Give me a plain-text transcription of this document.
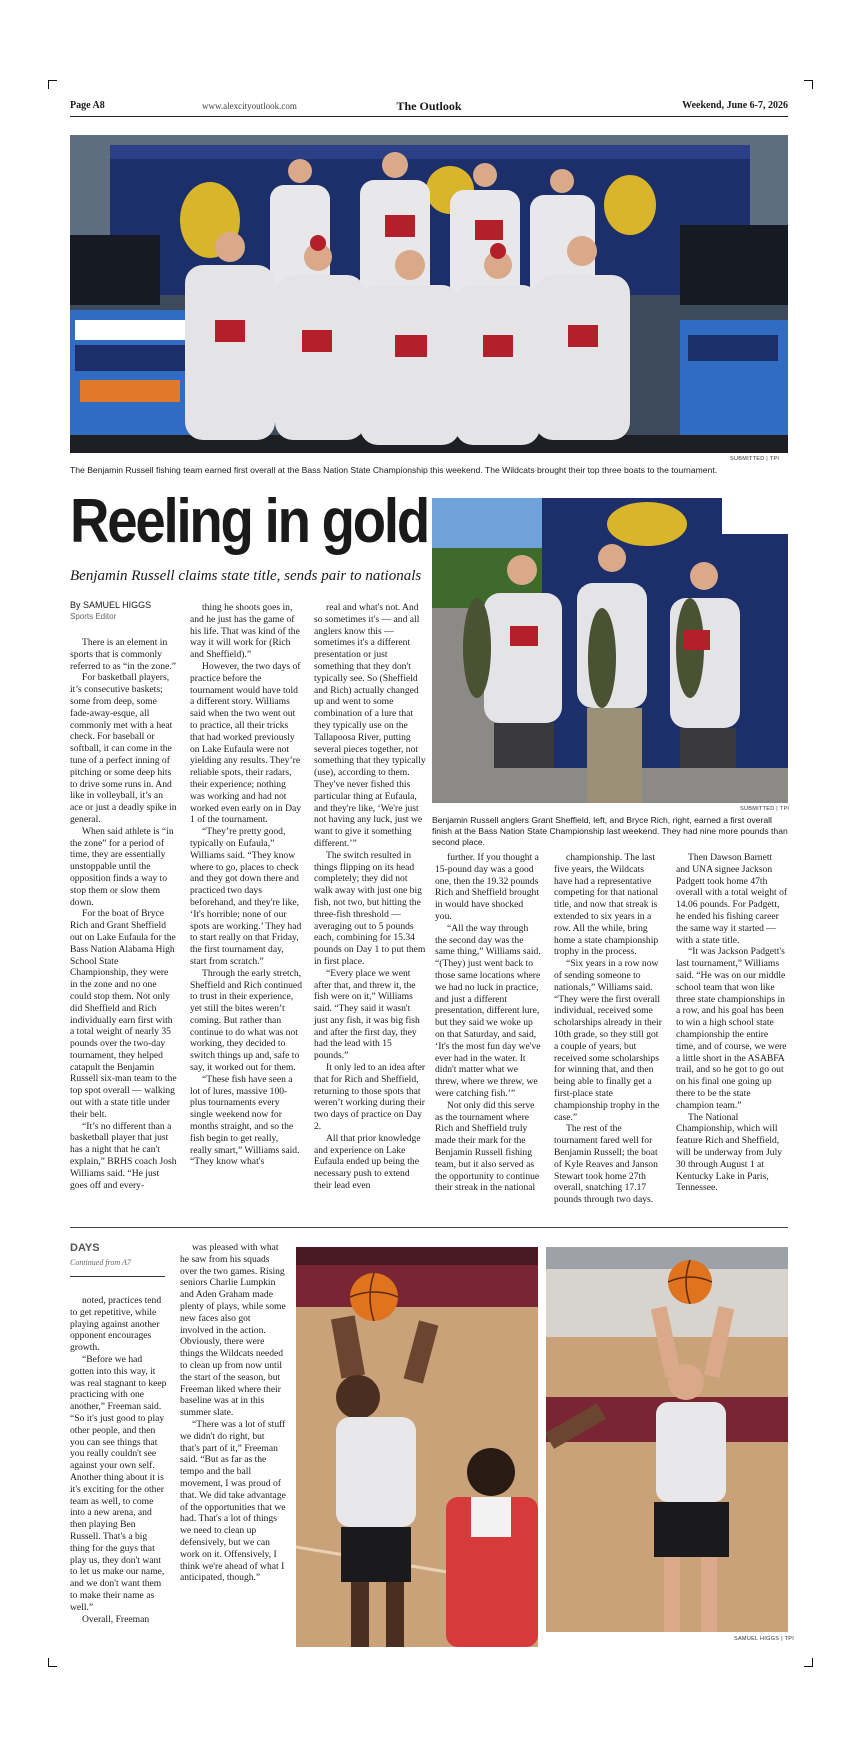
Page A8	www.alexcityoutlook.com	The Outlook	Weekend, June 6-7, 2026
SUBMITTED | TPI
The Benjamin Russell fishing team earned first overall at the Bass Nation State Championship this weekend. The Wildcats brought their top three boats to the tournament.
Reeling in gold
Benjamin Russell claims state title, sends pair to nationals
By SAMUEL HIGGS
Sports Editor
SUBMITTED | TPI
Benjamin Russell anglers Grant Sheffield, left, and Bryce Rich, right, earned a first overall finish at the Bass Nation State Championship last weekend. They had nine more pounds than second place.

There is an element in sports that is commonly referred to as “in the zone.”

For basketball players, it’s consecutive baskets; some from deep, some fade-away-esque, all commonly met with a heat check. For baseball or softball, it can come in the tune of a perfect inning of pitching or some deep hits to drive some runs in. And like in volleyball, it’s an ace or just a deadly spike in general.

When said athlete is “in the zone” for a period of time, they are essentially unstoppable until the opposition finds a way to stop them or slow them down.

For the boat of Bryce Rich and Grant Sheffield out on Lake Eufaula for the Bass Nation Alabama High School State Championship, they were in the zone and no one could stop them. Not only did Sheffield and Rich individually earn first with a total weight of nearly 35 pounds over the two-day tournament, they helped catapult the Benjamin Russell six-man team to the top spot overall — walking out with a state title under their belt.

“It’s no different than a basketball player that just has a night that he can't explain,” BRHS coach Josh Williams said. “He just goes off and every-

thing he shoots goes in, and he just has the game of his life. That was kind of the way it will work for (Rich and Sheffield).”

However, the two days of practice before the tournament would have told a different story. Williams said when the two went out to practice, all their tricks that had worked previously on Lake Eufaula were not yielding any results. They’re reliable spots, their radars, their experience; nothing was working and had not worked even early on in Day 1 of the tournament.

“They’re pretty good, typically on Eufaula,” Williams said. “They know where to go, places to check and they got down there and practiced two days beforehand, and they're like, ‘It's horrible; none of our spots are working.’ They had to start really on that Friday, the first tournament day, start from scratch.”

Through the early stretch, Sheffield and Rich continued to trust in their experience, yet still the bites weren’t coming. But rather than continue to do what was not working, they decided to switch things up and, safe to say, it worked out for them.

“These fish have seen a lot of lures, massive 100-plus tournaments every single weekend now for months straight, and so the fish begin to get really, really smart,” Williams said. “They know what's

real and what's not. And so sometimes it's — and all anglers know this — sometimes it's a different presentation or just something that they don't typically see. So (Sheffield and Rich) actually changed up and went to some combination of a lure that they typically use on the Tallapoosa River, putting several pieces together, not something that they typically (use), according to them. They've never fished this particular thing at Eufaula, and they're like, ‘We're just not having any luck, just we want to give it something different.’”

The switch resulted in things flipping on its head completely; they did not walk away with just one big fish, not two, but hitting the three-fish threshold — averaging out to 5 pounds each, combining for 15.34 pounds on Day 1 to put them in first place.

“Every place we went after that, and threw it, the fish were on it,” Williams said. “They said it wasn't just any fish, it was big fish and after the first day, they had the lead with 15 pounds.”

It only led to an idea after that for Rich and Sheffield, returning to those spots that weren’t working during their two days of practice on Day 2.

All that prior knowledge and experience on Lake Eufaula ended up being the necessary push to extend their lead even

further. If you thought a 15-pound day was a good one, then the 19.32 pounds Rich and Sheffield brought in would have shocked you.

“All the way through the second day was the same thing,” Williams said. “(They) just went back to those same locations where we had no luck in practice, and just a different presentation, different lure, but they said we woke up on that Saturday, and said, ‘It's the most fun day we've ever had in the water. It didn't matter what we threw, where we threw, we were catching fish.’”

Not only did this serve as the tournament where Rich and Sheffield truly made their mark for the Benjamin Russell fishing team, but it also served as the opportunity to continue their streak in the national

championship. The last five years, the Wildcats have had a representative competing for that national title, and now that streak is extended to six years in a row. All the while, bring home a state championship trophy in the process.

“Six years in a row now of sending someone to nationals,” Williams said. “They were the first overall individual, received some scholarships already in their 10th grade, so they still got a couple of years, but received some scholarships for winning that, and then being able to finally get a first-place state championship trophy in the case.”

The rest of the tournament fared well for Benjamin Russell; the boat of Kyle Reaves and Janson Stewart took home 27th overall, snatching 17.17 pounds through two days.

Then Dawson Barnett and UNA signee Jackson Padgett took home 47th overall with a total weight of 14.06 pounds. For Padgett, he ended his fishing career the same way it started — with a state title.

“It was Jackson Padgett's last tournament,” Williams said. “He was on our middle school team that won like three state championships in a row, and his goal has been to win a high school state championship the entire time, and of course, we were a little short in the ASABFA trail, and so he got to go out on his final one going up there to be the state champion team.”

The National Championship, which will feature Rich and Sheffield, will be underway from July 30 through August 1 at Kentucky Lake in Paris, Tennessee.

DAYS
Continued from A7

noted, practices tend to get repetitive, while playing against another opponent encourages growth.

“Before we had gotten into this way, it was real stagnant to keep practicing with one another,” Freeman said. “So it's just good to play other people, and then you can see things that you really couldn't see against your own self. Another thing about it is it's exciting for the other team as well, to come into a new arena, and then playing Ben Russell. That's a big thing for the guys that play us, they don't want to let us make our name, and we don't want them to make their name as well.”

Overall, Freeman

was pleased with what he saw from his squads over the two games. Rising seniors Charlie Lumpkin and Aden Graham made plenty of plays, while some new faces also got involved in the action. Obviously, there were things the Wildcats needed to clean up from now until the start of the season, but Freeman liked where their baseline was at in this summer slate.

“There was a lot of stuff we didn't do right, but that's part of it,” Freeman said. “But as far as the tempo and the ball movement, I was proud of that. We did take advantage of the opportunities that we had. That's a lot of things we need to clean up defensively, but we can work on it. Offensively, I think we're ahead of what I anticipated, though.”

SAMUEL HIGGS | TPI
